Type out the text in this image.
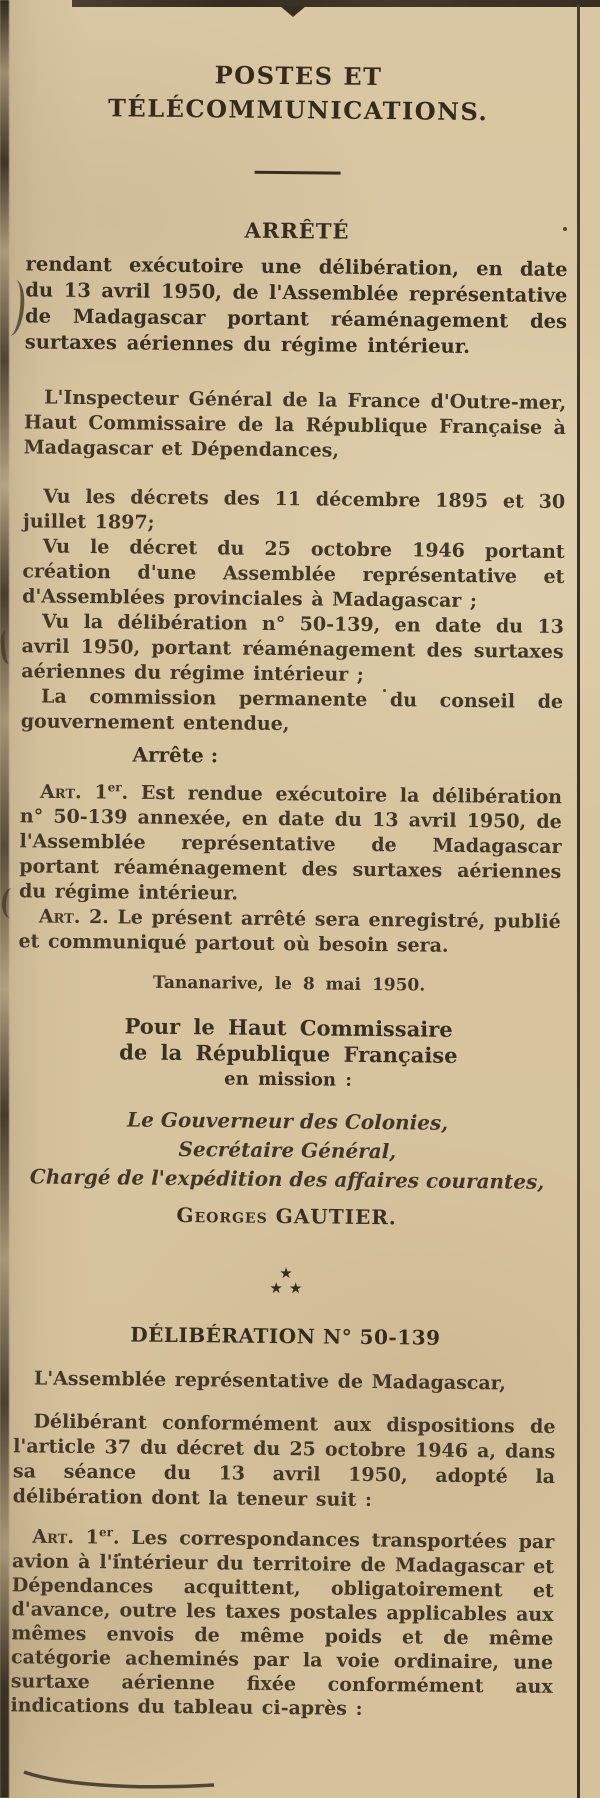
POSTES ET TÉLÉCOMMUNICATIONS.
ARRÊTÉ

rendant exécutoire une délibération, en date du 13 avril 1950, de l'Assemblée représentative de Madagascar portant réaménagement des surtaxes aériennes du régime intérieur.

L'Inspecteur Général de la France d'Outre-mer, Haut Commissaire de la République Française à Madagascar et Dépendances,

Vu les décrets des 11 décembre 1895 et 30 juillet 1897;

Vu le décret du 25 octobre 1946 portant création d'une Assemblée représentative et d'Assemblées provinciales à Madagascar ;

Vu la délibération n° 50-139, en date du 13 avril 1950, portant réaménagement des surtaxes aériennes du régime intérieur ;

La commission permanente du conseil de gouvernement entendue,

Arrête :

Art. 1er. Est rendue exécutoire la délibération n° 50-139 annexée, en date du 13 avril 1950, de l'Assemblée représentative de Madagascar portant réaménagement des surtaxes aériennes du régime intérieur.

Art. 2. Le présent arrêté sera enregistré, publié et communiqué partout où besoin sera.

Tananarive, le 8 mai 1950.

Pour le Haut Commissaire
de la République Française
en mission :
Le Gouverneur des Colonies,
Secrétaire Général,
Chargé de l'expédition des affaires courantes,
Georges GAUTIER.
★
★★
DÉLIBÉRATION N° 50-139

L'Assemblée représentative de Madagascar,

Délibérant conformément aux dispositions de l'article 37 du décret du 25 octobre 1946 a, dans sa séance du 13 avril 1950, adopté la délibération dont la teneur suit :

Art. 1er. Les correspondances transportées par avion à l'intérieur du territoire de Madagascar et Dépendances acquittent, obligatoirement et d'avance, outre les taxes postales applicables aux mêmes envois de même poids et de même catégorie acheminés par la voie ordinaire, une surtaxe aérienne fixée conformément aux indications du tableau ci-après :
